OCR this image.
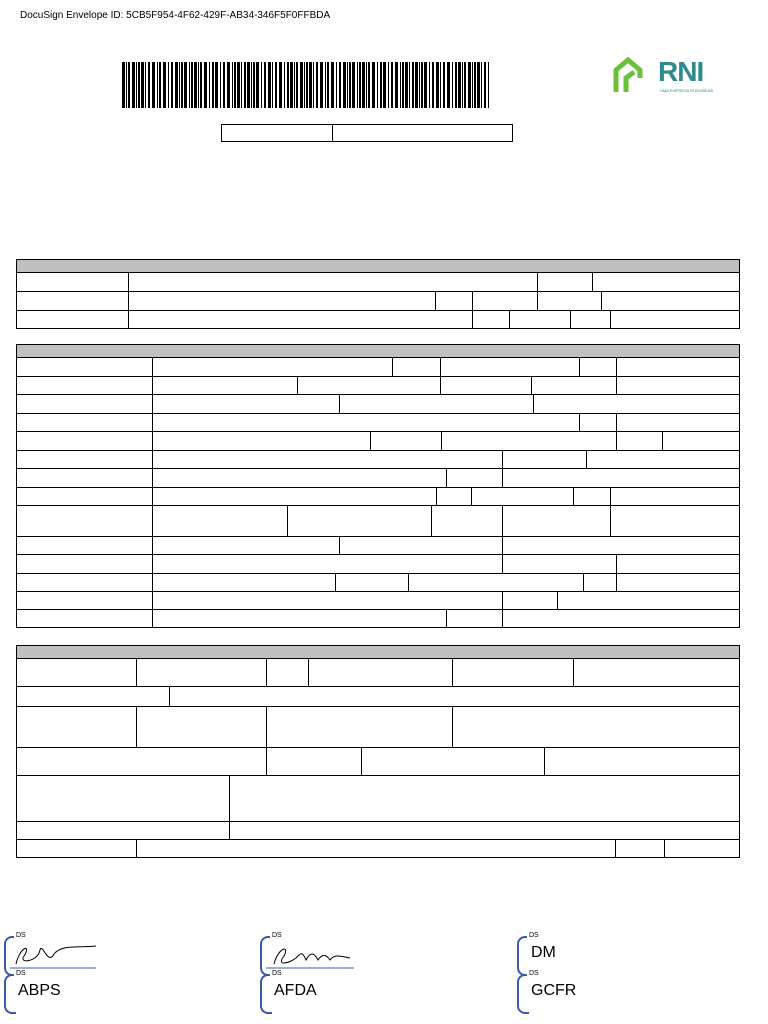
DocuSign Envelope ID: 5CB5F954-4F62-429F-AB34-346F5F0FFBDA
RNI
UMA EMPRESA RODOBENS
DS
DS
ABPS
DS
DS
AFDA
DS
DM
DS
GCFR
